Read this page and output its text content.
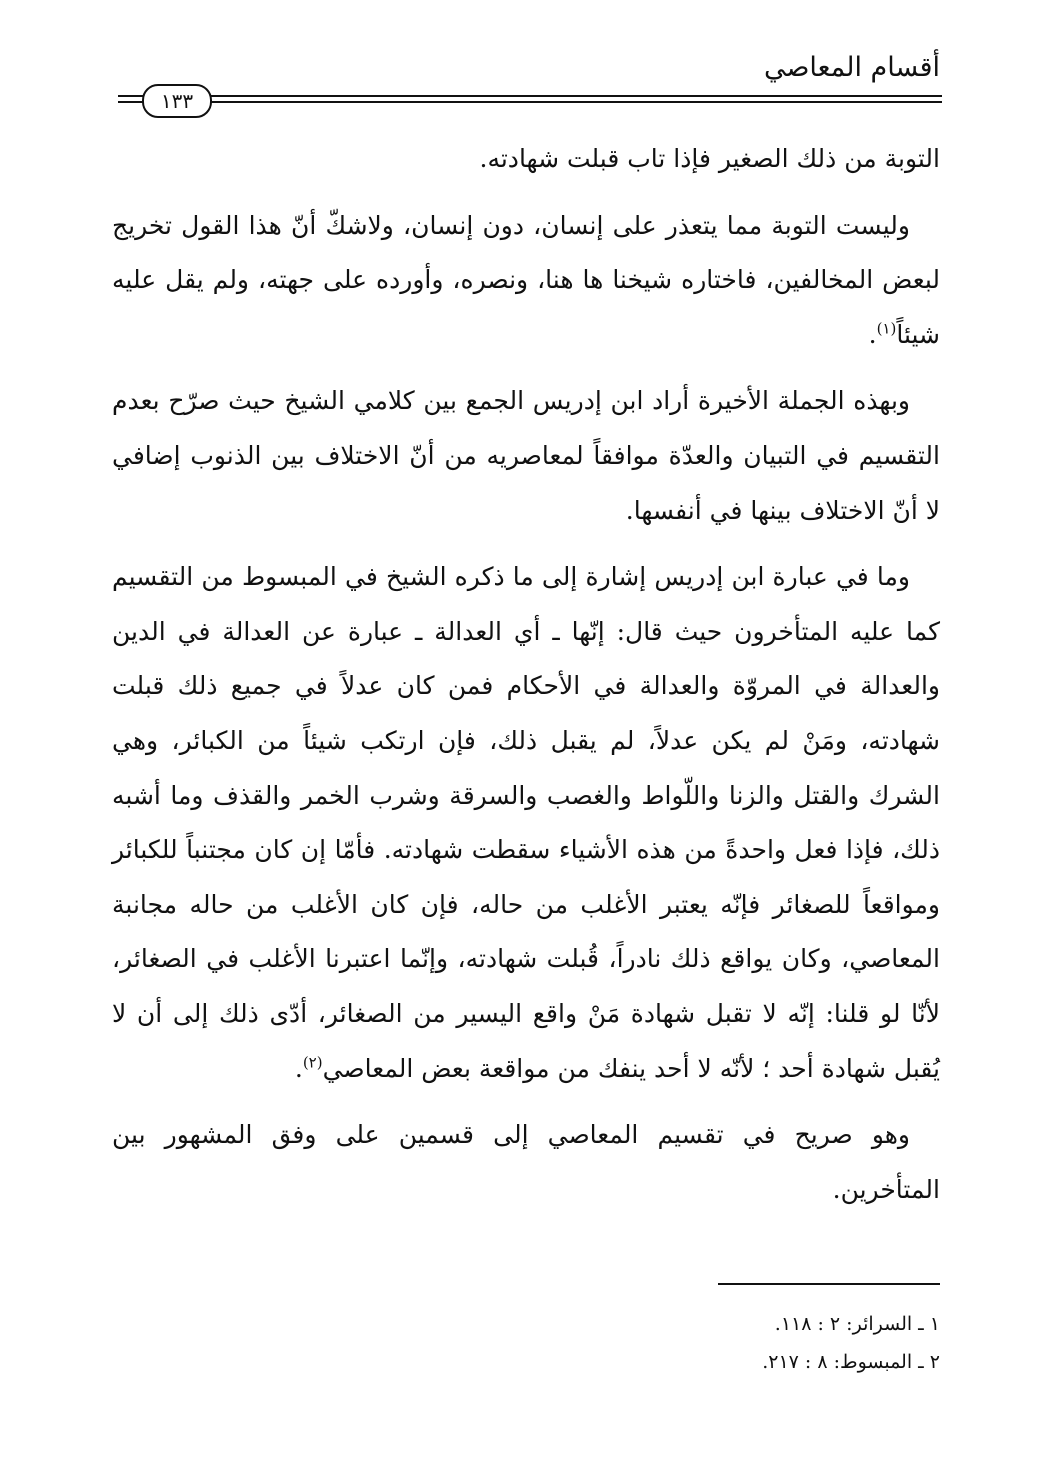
أقسام المعاصي
١٣٣

التوبة من ذلك الصغير فإذا تاب قبلت شهادته.

وليست التوبة مما يتعذر على إنسان، دون إنسان، ولاشكّ أنّ هذا القول تخريج لبعض المخالفين، فاختاره شيخنا ها هنا، ونصره، وأورده على جهته، ولم يقل عليه شيئاً$^{(١)}$.

وبهذه الجملة الأخيرة أراد ابن إدريس الجمع بين كلامي الشيخ حيث صرّح بعدم التقسيم في التبيان والعدّة موافقاً لمعاصريه من أنّ الاختلاف بين الذنوب إضافي لا أنّ الاختلاف بينها في أنفسها.

وما في عبارة ابن إدريس إشارة إلى ما ذكره الشيخ في المبسوط من التقسيم كما عليه المتأخرون حيث قال: إنّها ـ أي العدالة ـ عبارة عن العدالة في الدين والعدالة في المروّة والعدالة في الأحكام فمن كان عدلاً في جميع ذلك قبلت شهادته، ومَنْ لم يكن عدلاً، لم يقبل ذلك، فإن ارتكب شيئاً من الكبائر، وهي الشرك والقتل والزنا واللّواط والغصب والسرقة وشرب الخمر والقذف وما أشبه ذلك، فإذا فعل واحدةً من هذه الأشياء سقطت شهادته. فأمّا إن كان مجتنباً للكبائر ومواقعاً للصغائر فإنّه يعتبر الأغلب من حاله، فإن كان الأغلب من حاله مجانبة المعاصي، وكان يواقع ذلك نادراً، قُبلت شهادته، وإنّما اعتبرنا الأغلب في الصغائر، لأنّا لو قلنا: إنّه لا تقبل شهادة مَنْ واقع اليسير من الصغائر، أدّى ذلك إلى أن لا يُقبل شهادة أحد ؛ لأنّه لا أحد ينفك من مواقعة بعض المعاصي$^{(٢)}$.

وهو صريح في تقسيم المعاصي إلى قسمين على وفق المشهور بين المتأخرين.

١ ـ السرائر: ٢ : ١١٨.
٢ ـ المبسوط: ٨ : ٢١٧.
